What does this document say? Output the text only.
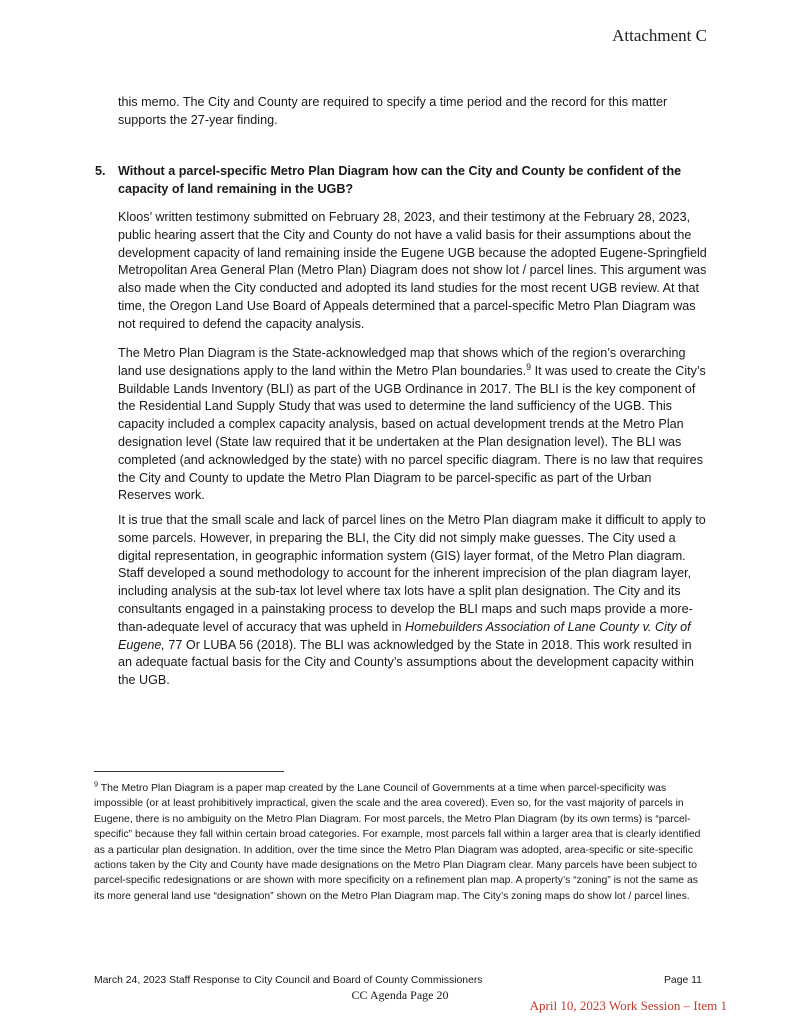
Attachment C
this memo. The City and County are required to specify a time period and the record for this matter supports the 27-year finding.
5. Without a parcel-specific Metro Plan Diagram how can the City and County be confident of the capacity of land remaining in the UGB?
Kloos’ written testimony submitted on February 28, 2023, and their testimony at the February 28, 2023, public hearing assert that the City and County do not have a valid basis for their assumptions about the development capacity of land remaining inside the Eugene UGB because the adopted Eugene-Springfield Metropolitan Area General Plan (Metro Plan) Diagram does not show lot / parcel lines. This argument was also made when the City conducted and adopted its land studies for the most recent UGB review. At that time, the Oregon Land Use Board of Appeals determined that a parcel-specific Metro Plan Diagram was not required to defend the capacity analysis.
The Metro Plan Diagram is the State-acknowledged map that shows which of the region’s overarching land use designations apply to the land within the Metro Plan boundaries.$^9$ It was used to create the City’s Buildable Lands Inventory (BLI) as part of the UGB Ordinance in 2017. The BLI is the key component of the Residential Land Supply Study that was used to determine the land sufficiency of the UGB. This capacity included a complex capacity analysis, based on actual development trends at the Metro Plan designation level (State law required that it be undertaken at the Plan designation level). The BLI was completed (and acknowledged by the state) with no parcel specific diagram. There is no law that requires the City and County to update the Metro Plan Diagram to be parcel-specific as part of the Urban Reserves work.
It is true that the small scale and lack of parcel lines on the Metro Plan diagram make it difficult to apply to some parcels. However, in preparing the BLI, the City did not simply make guesses. The City used a digital representation, in geographic information system (GIS) layer format, of the Metro Plan diagram. Staff developed a sound methodology to account for the inherent imprecision of the plan diagram layer, including analysis at the sub-tax lot level where tax lots have a split plan designation. The City and its consultants engaged in a painstaking process to develop the BLI maps and such maps provide a more-than-adequate level of accuracy that was upheld in Homebuilders Association of Lane County v. City of Eugene, 77 Or LUBA 56 (2018). The BLI was acknowledged by the State in 2018. This work resulted in an adequate factual basis for the City and County’s assumptions about the development capacity within the UGB.
$^9$ The Metro Plan Diagram is a paper map created by the Lane Council of Governments at a time when parcel-specificity was impossible (or at least prohibitively impractical, given the scale and the area covered). Even so, for the vast majority of parcels in Eugene, there is no ambiguity on the Metro Plan Diagram. For most parcels, the Metro Plan Diagram (by its own terms) is “parcel-specific” because they fall within certain broad categories. For example, most parcels fall within a larger area that is clearly identified as a particular plan designation. In addition, over the time since the Metro Plan Diagram was adopted, area-specific or site-specific actions taken by the City and County have made designations on the Metro Plan Diagram clear. Many parcels have been subject to parcel-specific redesignations or are shown with more specificity on a refinement plan map. A property’s “zoning” is not the same as its more general land use “designation” shown on the Metro Plan Diagram map. The City’s zoning maps do show lot / parcel lines.
March 24, 2023 Staff Response to City Council and Board of County Commissioners	Page 11
CC Agenda Page 20
April 10, 2023 Work Session – Item 1
